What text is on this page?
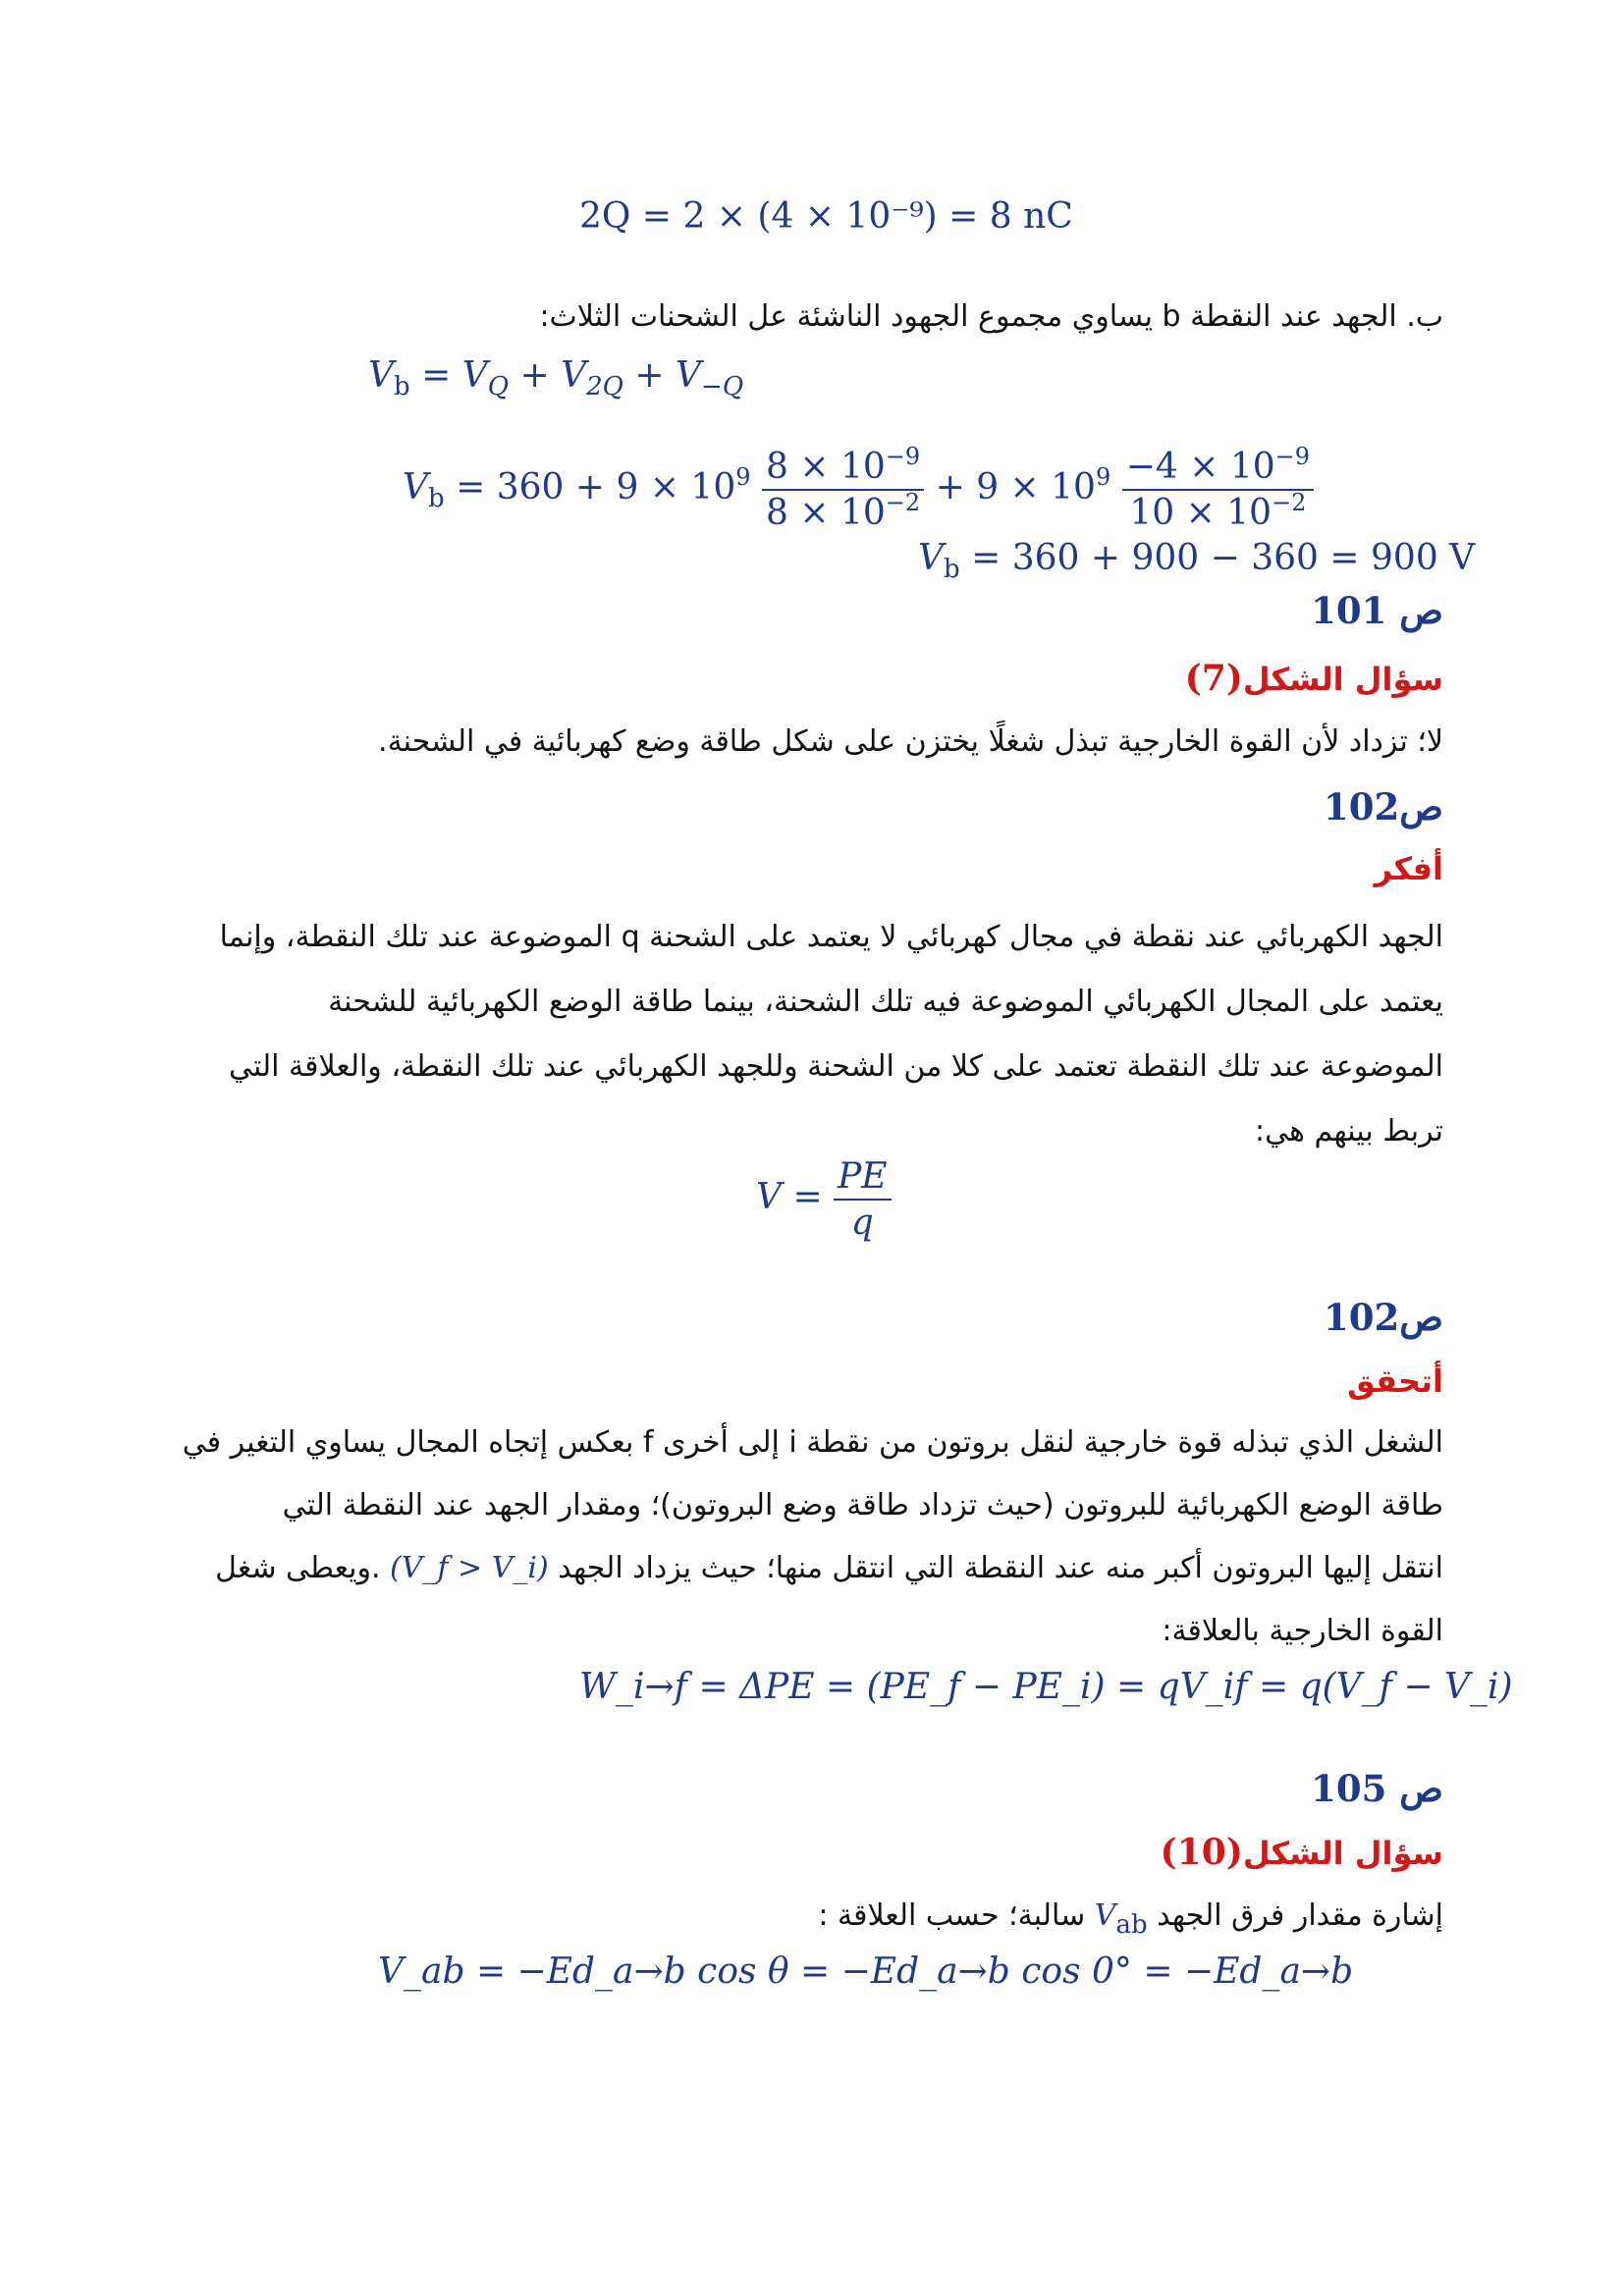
2Q = 2 × (4 × 10⁻⁹) = 8 nC
ب. الجهد عند النقطة b يساوي مجموع الجهود الناشئة عل الشحنات الثلاث:
$V_b = V_Q + V_{2Q} + V_{-Q}$
$V_b = 360 + 9 \times 10^9 \frac{8 \times 10^{-9}}{8 \times 10^{-2}} + 9 \times 10^9 \frac{-4 \times 10^{-9}}{10 \times 10^{-2}}$
$V_b = 360 + 900 - 360 = 900$ V
ص 101
سؤال الشكل(7)
لا؛ تزداد لأن القوة الخارجية تبذل شغلًا يختزن على شكل طاقة وضع كهربائية في الشحنة.
ص102
أفكر
الجهد الكهربائي عند نقطة في مجال كهربائي لا يعتمد على الشحنة q الموضوعة عند تلك النقطة، وإنما
يعتمد على المجال الكهربائي الموضوعة فيه تلك الشحنة، بينما طاقة الوضع الكهربائية للشحنة
الموضوعة عند تلك النقطة تعتمد على كلا من الشحنة وللجهد الكهربائي عند تلك النقطة، والعلاقة التي
تربط بينهم هي:
$V = \frac{PE}{q}$
ص102
أتحقق
الشغل الذي تبذله قوة خارجية لنقل بروتون من نقطة i إلى أخرى f بعكس إتجاه المجال يساوي التغير في
طاقة الوضع الكهربائية للبروتون (حيث تزداد طاقة وضع البروتون)؛ ومقدار الجهد عند النقطة التي
انتقل إليها البروتون أكبر منه عند النقطة التي انتقل منها؛ حيث يزداد الجهد (V_f > V_i) .ويعطى شغل
القوة الخارجية بالعلاقة:
W_i→f = ΔPE = (PE_f − PE_i) = qV_if = q(V_f − V_i)
ص 105
سؤال الشكل(10)
إشارة مقدار فرق الجهد $V_{ab}$ سالبة؛ حسب العلاقة :
V_ab = −Ed_a→b cos θ = −Ed_a→b cos 0° = −Ed_a→b
